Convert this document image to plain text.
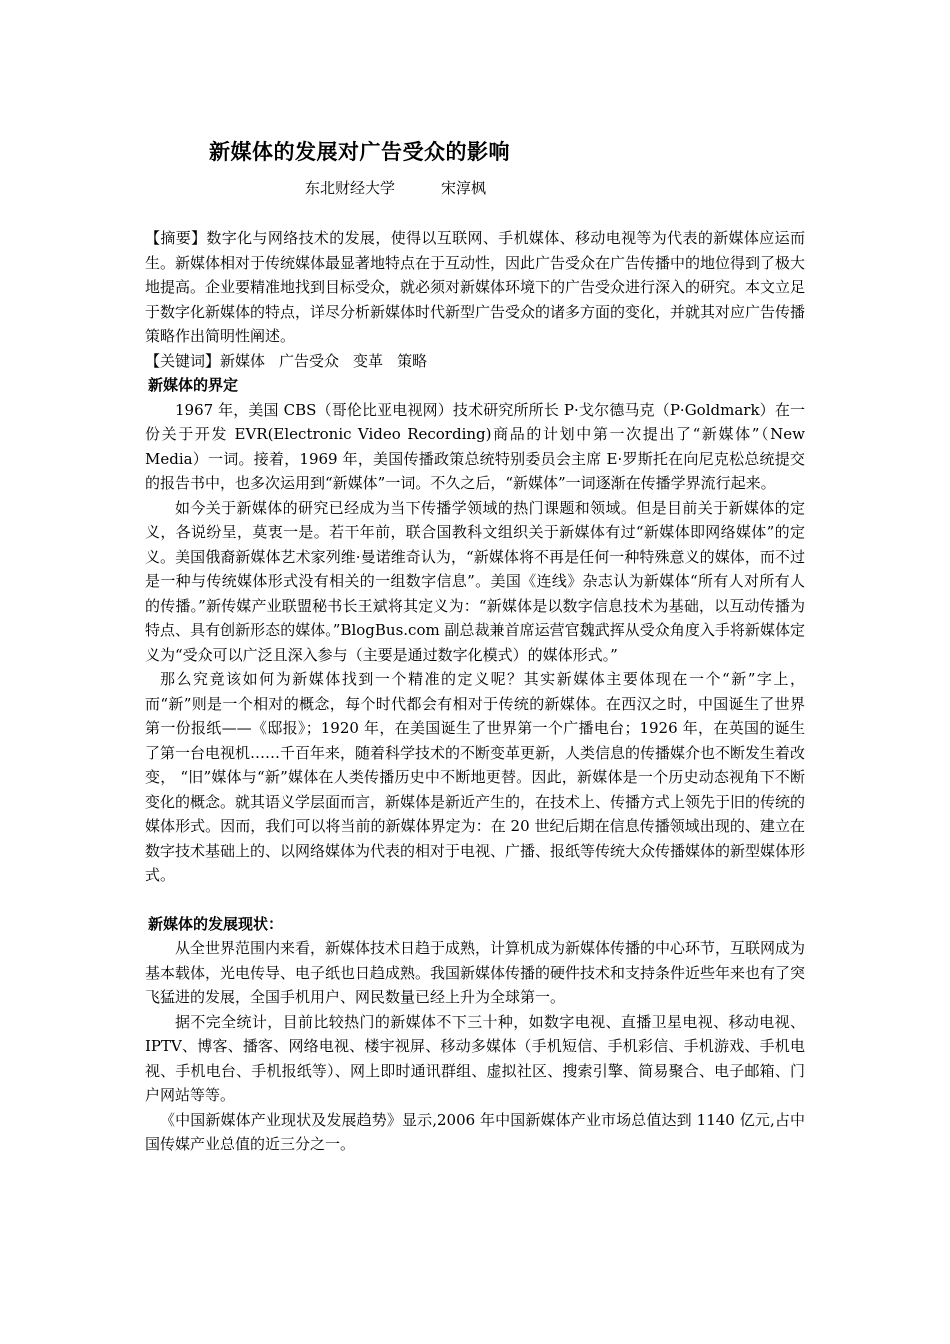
新媒体的发展对广告受众的影响
东北财经大学	宋淳枫

【摘要】数字化与网络技术的发展，使得以互联网、手机媒体、移动电视等为代表的新媒体应运而生。新媒体相对于传统媒体最显著地特点在于互动性，因此广告受众在广告传播中的地位得到了极大地提高。企业要精准地找到目标受众，就必须对新媒体环境下的广告受众进行深入的研究。本文立足于数字化新媒体的特点，详尽分析新媒体时代新型广告受众的诸多方面的变化，并就其对应广告传播策略作出简明性阐述。

【关键词】新媒体 广告受众 变革 策略

新媒体的界定

1967 年，美国 CBS（哥伦比亚电视网）技术研究所所长 P·戈尔德马克（P·Goldmark）在一份关于开发 EVR(Electronic Video Recording)商品的计划中第一次提出了“新媒体”（New Media）一词。接着，1969 年，美国传播政策总统特别委员会主席 E·罗斯托在向尼克松总统提交的报告书中，也多次运用到“新媒体”一词。不久之后，“新媒体”一词逐渐在传播学界流行起来。

如今关于新媒体的研究已经成为当下传播学领域的热门课题和领域。但是目前关于新媒体的定义，各说纷呈，莫衷一是。若干年前，联合国教科文组织关于新媒体有过“新媒体即网络媒体”的定义。美国俄裔新媒体艺术家列维·曼诺维奇认为，“新媒体将不再是任何一种特殊意义的媒体，而不过是一种与传统媒体形式没有相关的一组数字信息”。美国《连线》杂志认为新媒体“所有人对所有人的传播。”新传媒产业联盟秘书长王斌将其定义为：“新媒体是以数字信息技术为基础，以互动传播为特点、具有创新形态的媒体。”BlogBus.com 副总裁兼首席运营官魏武挥从受众角度入手将新媒体定义为“受众可以广泛且深入参与（主要是通过数字化模式）的媒体形式。”

那么究竟该如何为新媒体找到一个精准的定义呢？其实新媒体主要体现在一个“新”字上，而“新”则是一个相对的概念，每个时代都会有相对于传统的新媒体。在西汉之时，中国诞生了世界第一份报纸——《邸报》；1920 年，在美国诞生了世界第一个广播电台；1926 年，在英国的诞生了第一台电视机……千百年来，随着科学技术的不断变革更新，人类信息的传播媒介也不断发生着改变， “旧”媒体与“新”媒体在人类传播历史中不断地更替。因此，新媒体是一个历史动态视角下不断变化的概念。就其语义学层面而言，新媒体是新近产生的，在技术上、传播方式上领先于旧的传统的媒体形式。因而，我们可以将当前的新媒体界定为：在 20 世纪后期在信息传播领域出现的、建立在数字技术基础上的、以网络媒体为代表的相对于电视、广播、报纸等传统大众传播媒体的新型媒体形式。

新媒体的发展现状：

从全世界范围内来看，新媒体技术日趋于成熟，计算机成为新媒体传播的中心环节，互联网成为基本载体，光电传导、电子纸也日趋成熟。我国新媒体传播的硬件技术和支持条件近些年来也有了突飞猛进的发展，全国手机用户、网民数量已经上升为全球第一。

据不完全统计，目前比较热门的新媒体不下三十种，如数字电视、直播卫星电视、移动电视、IPTV、博客、播客、网络电视、楼宇视屏、移动多媒体（手机短信、手机彩信、手机游戏、手机电视、手机电台、手机报纸等）、网上即时通讯群组、虚拟社区、搜索引擎、简易聚合、电子邮箱、门户网站等等。

《中国新媒体产业现状及发展趋势》显示,2006 年中国新媒体产业市场总值达到 1140 亿元,占中国传媒产业总值的近三分之一。
